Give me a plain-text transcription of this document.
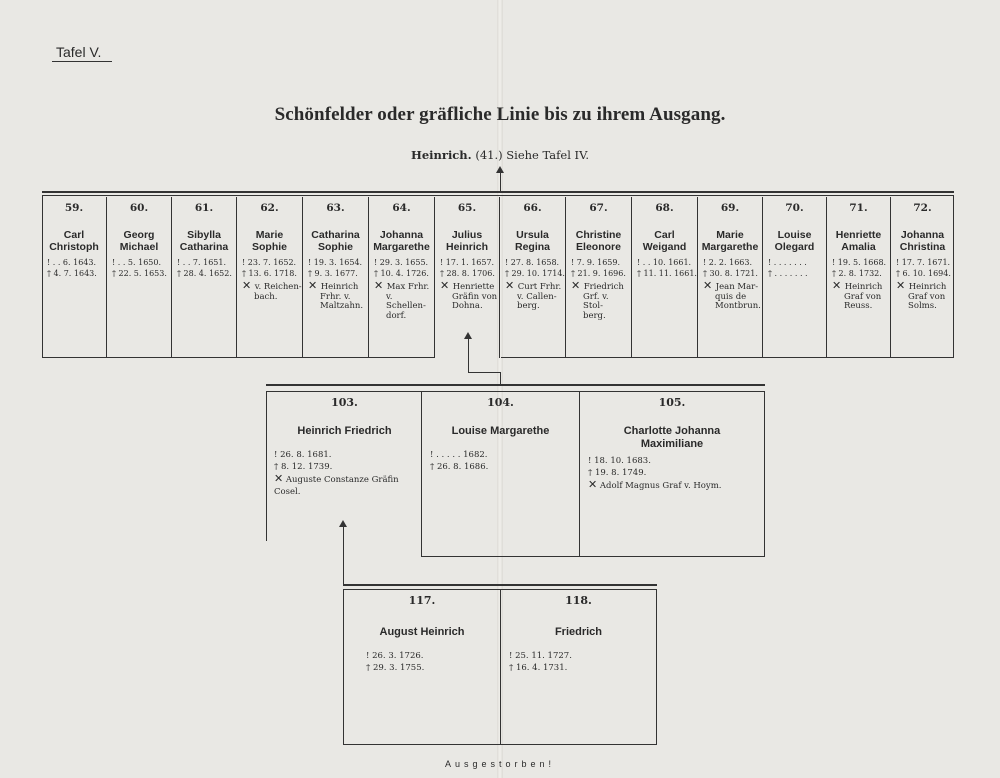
Tafel V.
Schönfelder oder gräfliche Linie bis zu ihrem Ausgang.
Heinrich. (41.) Siehe Tafel IV.
59.
Carl
Christoph
! . . 6. 1643.
† 4. 7. 1643.
60.
Georg
Michael
! . . 5. 1650.
† 22. 5. 1653.
61.
Sibylla
Catharina
! . . 7. 1651.
† 28. 4. 1652.
62.
Marie
Sophie
! 23. 7. 1652.
† 13. 6. 1718.
✕ v. Reichen-
bach.
63.
Catharina
Sophie
! 19. 3. 1654.
† 9. 3. 1677.
✕ Heinrich
Frhr. v.
Maltzahn.
64.
Johanna
Margarethe
! 29. 3. 1655.
† 10. 4. 1726.
✕ Max Frhr.
v. Schellen-
dorf.
65.
Julius
Heinrich
! 17. 1. 1657.
† 28. 8. 1706.
✕ Henriette
Gräfin von
Dohna.
66.
Ursula
Regina
! 27. 8. 1658.
† 29. 10. 1714.
✕ Curt Frhr.
v. Callen-
berg.
67.
Christine
Eleonore
! 7. 9. 1659.
† 21. 9. 1696.
✕ Friedrich
Grf. v. Stol-
berg.
68.
Carl
Weigand
! . . 10. 1661.
† 11. 11. 1661.
69.
Marie
Margarethe
! 2. 2. 1663.
† 30. 8. 1721.
✕ Jean Mar-
quis de
Montbrun.
70.
Louise
Olegard
! . . . . . . .
† . . . . . . .
71.
Henriette
Amalia
! 19. 5. 1668.
† 2. 8. 1732.
✕ Heinrich
Graf von
Reuss.
72.
Johanna
Christina
! 17. 7. 1671.
† 6. 10. 1694.
✕ Heinrich
Graf von
Solms.
103.
Heinrich Friedrich
! 26. 8. 1681.
† 8. 12. 1739.
✕ Auguste Constanze Gräfin Cosel.
104.
Louise Margarethe
! . . . . . 1682.
† 26. 8. 1686.
105.
Charlotte Johanna
Maximiliane
! 18. 10. 1683.
† 19. 8. 1749.
✕ Adolf Magnus Graf v. Hoym.
117.
August Heinrich
! 26. 3. 1726.
† 29. 3. 1755.
118.
Friedrich
! 25. 11. 1727.
† 16. 4. 1731.
Ausgestorben!
